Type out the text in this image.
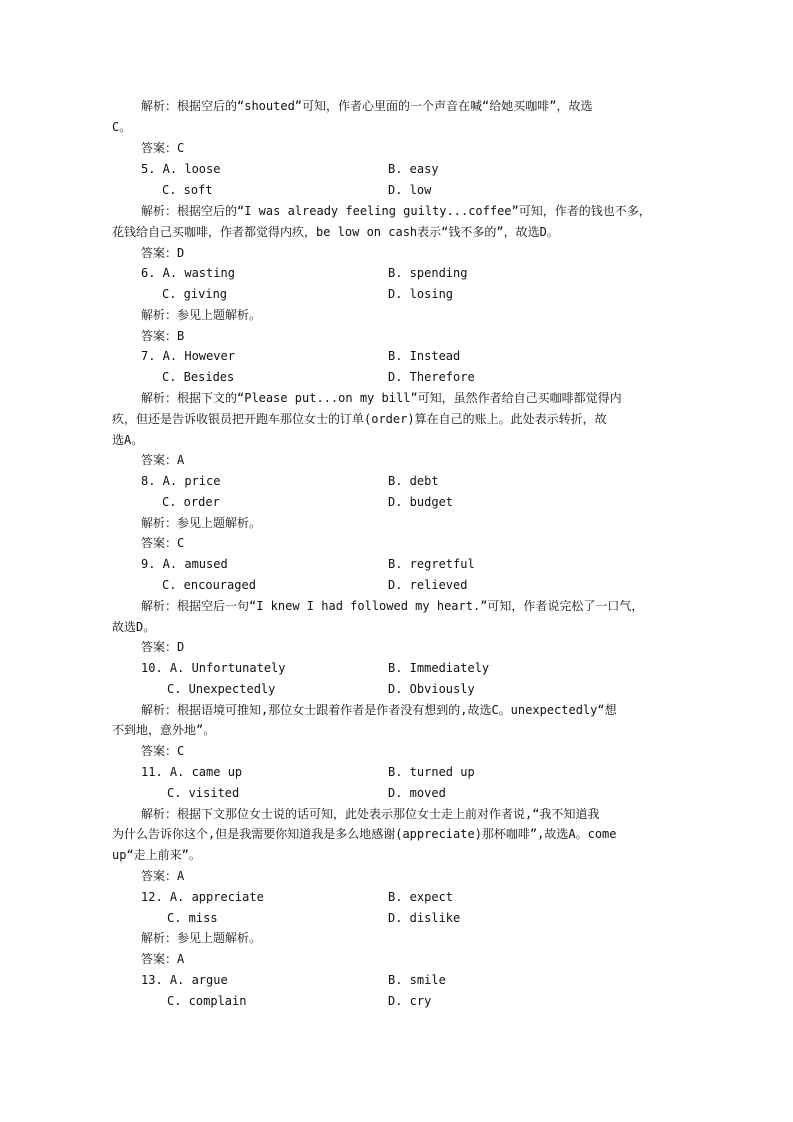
解析：根据空后的“shouted”可知，作者心里面的一个声音在喊“给她买咖啡”，故选
C。
答案：C
5. A. loose	B. easy
C. soft	D. low
解析：根据空后的“I was already feeling guilty...coffee”可知，作者的钱也不多，
花钱给自己买咖啡，作者都觉得内疚，be low on cash表示“钱不多的”，故选D。
答案：D
6. A. wasting	B. spending
C. giving	D. losing
解析：参见上题解析。
答案：B
7. A. However	B. Instead
C. Besides	D. Therefore
解析：根据下文的“Please put...on my bill”可知，虽然作者给自己买咖啡都觉得内
疚，但还是告诉收银员把开跑车那位女士的订单(order)算在自己的账上。此处表示转折，故
选A。
答案：A
8. A. price	B. debt
C. order	D. budget
解析：参见上题解析。
答案：C
9. A. amused	B. regretful
C. encouraged	D. relieved
解析：根据空后一句“I knew I had followed my heart.”可知，作者说完松了一口气，
故选D。
答案：D
10. A. Unfortunately	B. Immediately
C. Unexpectedly	D. Obviously
解析：根据语境可推知,那位女士跟着作者是作者没有想到的,故选C。unexpectedly“想
不到地，意外地”。
答案：C
11. A. came up	B. turned up
C. visited	D. moved
解析：根据下文那位女士说的话可知，此处表示那位女士走上前对作者说,“我不知道我
为什么告诉你这个,但是我需要你知道我是多么地感谢(appreciate)那杯咖啡”,故选A。come
up“走上前来”。
答案：A
12. A. appreciate	B. expect
C. miss	D. dislike
解析：参见上题解析。
答案：A
13. A. argue	B. smile
C. complain	D. cry
